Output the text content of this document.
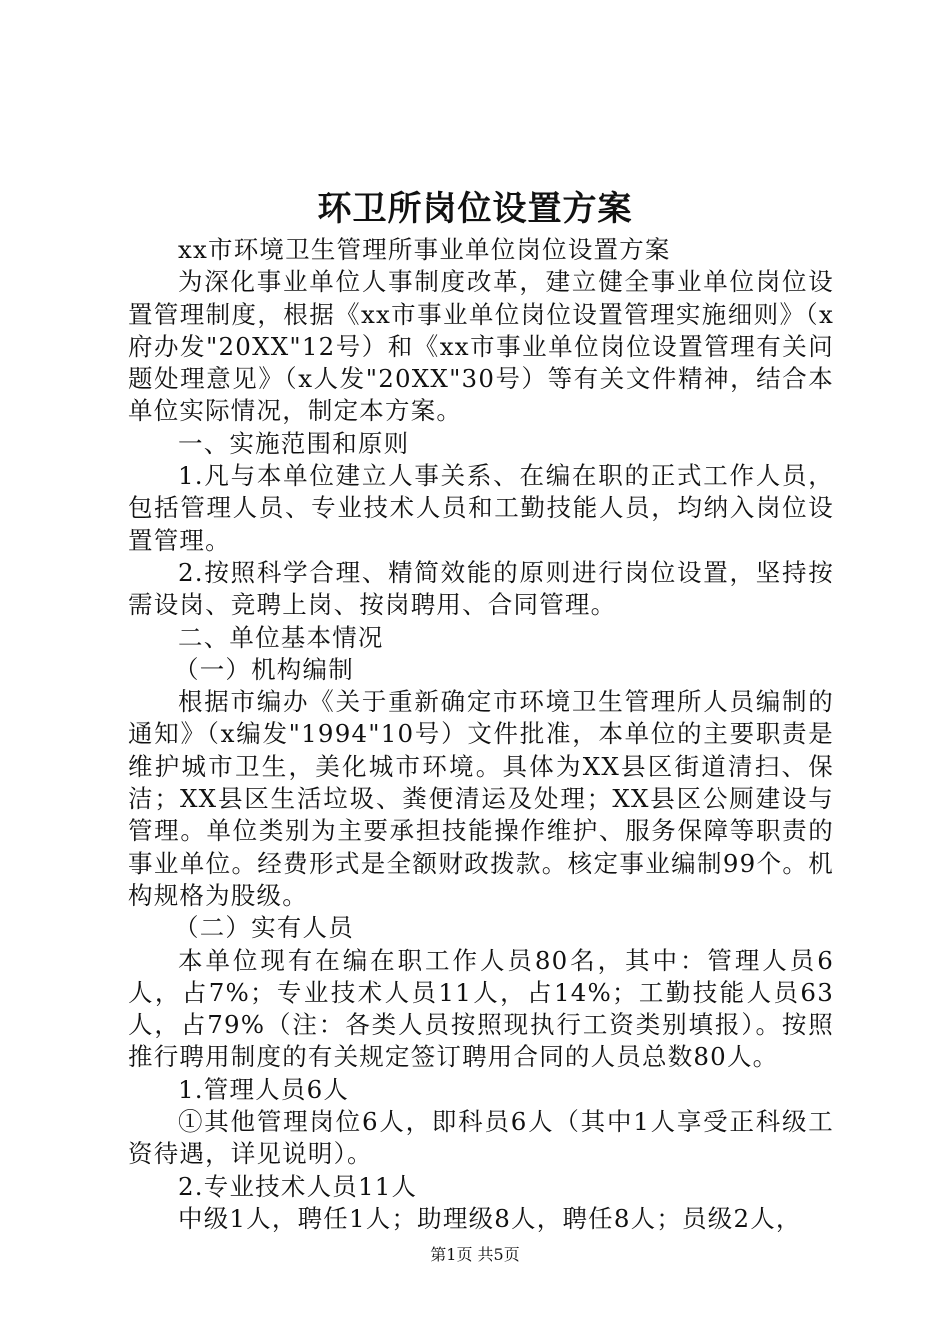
环卫所岗位设置方案

xx市环境卫生管理所事业单位岗位设置方案

为深化事业单位人事制度改革，建立健全事业单位岗位设置管理制度，根据《xx市事业单位岗位设置管理实施细则》（x府办发"20XX"12号）和《xx市事业单位岗位设置管理有关问题处理意见》（x人发"20XX"30号）等有关文件精神，结合本单位实际情况，制定本方案。

一、实施范围和原则

1.凡与本单位建立人事关系、在编在职的正式工作人员，包括管理人员、专业技术人员和工勤技能人员，均纳入岗位设置管理。

2.按照科学合理、精简效能的原则进行岗位设置，坚持按需设岗、竞聘上岗、按岗聘用、合同管理。

二、单位基本情况

（一）机构编制

根据市编办《关于重新确定市环境卫生管理所人员编制的通知》（x编发"1994"10号）文件批准，本单位的主要职责是维护城市卫生，美化城市环境。具体为XX县区街道清扫、保洁；XX县区生活垃圾、粪便清运及处理；XX县区公厕建设与管理。单位类别为主要承担技能操作维护、服务保障等职责的事业单位。经费形式是全额财政拨款。核定事业编制99个。机构规格为股级。

（二）实有人员

本单位现有在编在职工作人员80名，其中：管理人员6人，占7%；专业技术人员11人，占14%；工勤技能人员63人，占79%（注：各类人员按照现执行工资类别填报）。按照推行聘用制度的有关规定签订聘用合同的人员总数80人。

1.管理人员6人

①其他管理岗位6人，即科员6人（其中1人享受正科级工资待遇，详见说明）。

2.专业技术人员11人

中级1人，聘任1人；助理级8人，聘任8人；员级2人，

第1页 共5页
